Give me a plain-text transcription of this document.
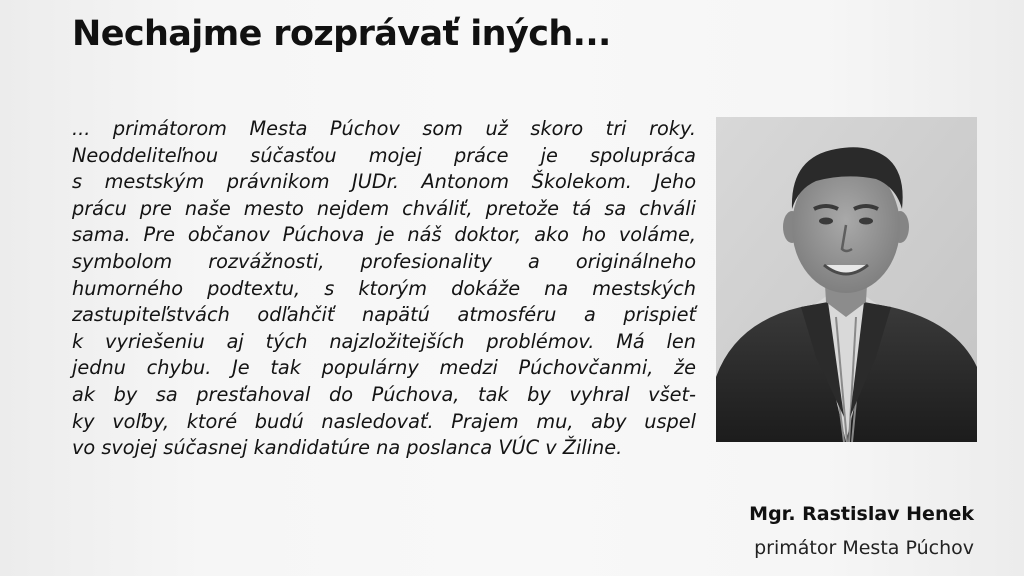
Nechajme rozprávať iných...
... primátorom Mesta Púchov som už skoro tri roky.
Neoddeliteľnou súčasťou mojej práce je spolupráca
s mestským právnikom JUDr. Antonom Školekom. Jeho
prácu pre naše mesto nejdem chváliť, pretože tá sa chváli
sama. Pre občanov Púchova je náš doktor, ako ho voláme,
symbolom rozvážnosti, profesionality a originálneho
humorného podtextu, s ktorým dokáže na mestských
zastupiteľstvách odľahčiť napätú atmosféru a prispieť
k vyriešeniu aj tých najzložitejších problémov. Má len
jednu chybu. Je tak populárny medzi Púchovčanmi, že
ak by sa presťahoval do Púchova, tak by vyhral všet-
ky voľby, ktoré budú nasledovať. Prajem mu, aby uspel
vo svojej súčasnej kandidatúre na poslanca VÚC v Žiline.
Mgr. Rastislav Henek
primátor Mesta Púchov
